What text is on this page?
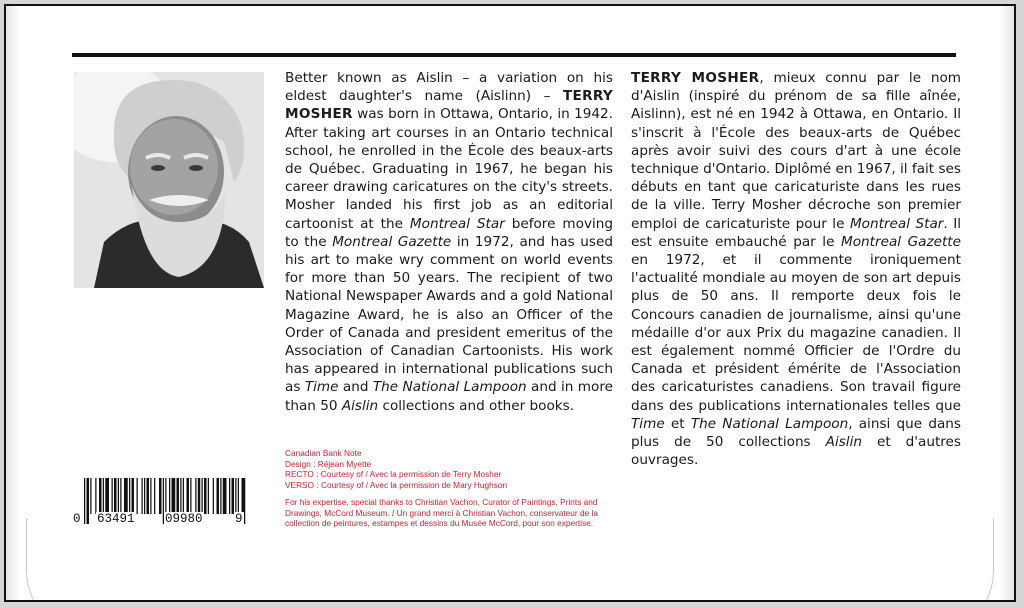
Better known as Aislin – a variation on his eldest daughter's name (Aislinn) – TERRY MOSHER was born in Ottawa, Ontario, in 1942. After taking art courses in an Ontario technical school, he enrolled in the École des beaux-arts de Québec. Graduating in 1967, he began his career drawing caricatures on the city's streets. Mosher landed his first job as an editorial cartoonist at the Montreal Star before moving to the Montreal Gazette in 1972, and has used his art to make wry comment on world events for more than 50 years. The recipient of two National Newspaper Awards and a gold National Magazine Award, he is also an Officer of the Order of Canada and president emeritus of the Association of Canadian Cartoonists. His work has appeared in international publications such as Time and The National Lampoon and in more than 50 Aislin collections and other books.
TERRY MOSHER, mieux connu par le nom d'Aislin (inspiré du prénom de sa fille aînée, Aislinn), est né en 1942 à Ottawa, en Ontario. Il s'inscrit à l'École des beaux-arts de Québec après avoir suivi des cours d'art à une école technique d'Ontario. Diplômé en 1967, il fait ses débuts en tant que caricaturiste dans les rues de la ville. Terry Mosher décroche son premier emploi de caricaturiste pour le Montreal Star. Il est ensuite embauché par le Montreal Gazette en 1972, et il commente ironiquement l'actualité mondiale au moyen de son art depuis plus de 50 ans. Il remporte deux fois le Concours canadien de journalisme, ainsi qu'une médaille d'or aux Prix du magazine canadien. Il est également nommé Officier de l'Ordre du Canada et président émérite de l'Association des caricaturistes canadiens. Son travail figure dans des publications internationales telles que Time et The National Lampoon, ainsi que dans plus de 50 collections Aislin et d'autres ouvrages.
Canadian Bank Note
Design : Réjean Myette
RECTO : Courtesy of / Avec la permission de Terry Mosher
VERSO : Courtesy of / Avec la permission de Mary Hughson
For his expertise, special thanks to Christian Vachon, Curator of Paintings, Prints and Drawings, McCord Museum. / Un grand merci à Christian Vachon, conservateur de la collection de peintures, estampes et dessins du Musée McCord, pour son expertise.
0 63491 09980	9
